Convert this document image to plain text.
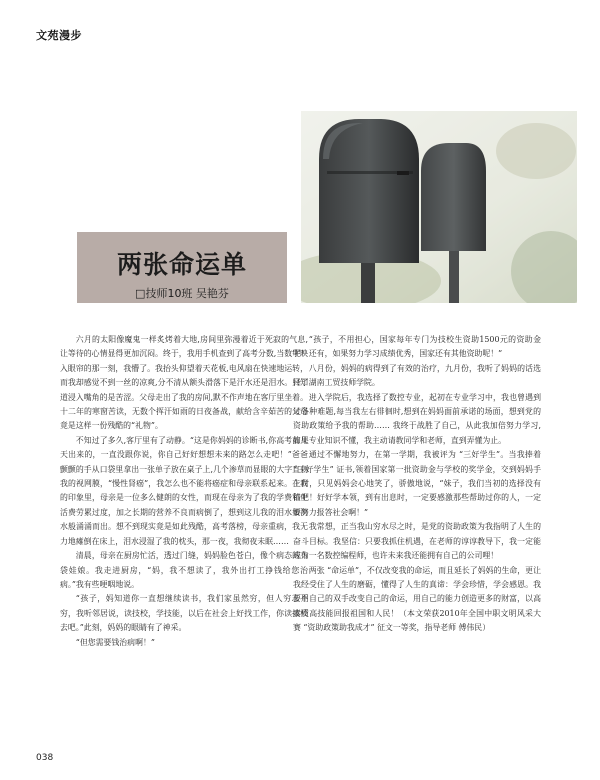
文苑漫步
两张命运单
□技师10班 吴艳芬

六月的太阳像魔鬼一样炙烤着大地,房间里弥漫着近于死寂的气息,让等待的心情显得更加沉闷。终于，我用手机查到了高考分数,当数字映入眼帘的那一刻，我懵了。我抬头仰望着天花板,电风扇在快速地运转，而我却感觉不到一丝的凉爽,分不清从额头滑落下是汗水还是泪水。只知道浸入嘴角的是苦涩。父母走出了我的房间,默不作声地在客厅里坐着。十二年的寒窗苦读，无数个挥汗如雨的日夜备战，献给含辛茹苦的父母竟是这样一份残酷的“礼物”。

不知过了多久,客厅里有了动静。“这是你妈妈的诊断书,你高考前几天出来的，一直没跟你说，你自己好好想想未来的路怎么走吧！”爸爸颤颤的手从口袋里拿出一张单子放在桌子上,几个渗草而显眼的大字直刺我的视网膜，“慢性肾癌”，我怎么也不能将癌症和母亲联系起来。在我的印象里，母亲是一位多么健朗的女性，而现在母亲为了我的学费和生活费劳累过度，加之长期的营养不良而病倒了，想到这儿我的泪水如洪水般涌涌而出。想不到现实竟是如此残酷，高考落榜，母亲重病，我无力地瘫倒在床上，泪水浸湿了我的枕头，那一夜，我彻夜未眠……

清晨，母亲在厨房忙活，透过门缝，妈妈脸色苍白，像个病态的布袋娃娘。我走进厨房，“妈，我不想读了，我外出打工挣钱给您治病。”我有些哽咽地说。

“孩子，妈知道你一直想继续读书，我们家虽然穷，但人穷志不穷，我听邻居说，读技校，学技能，以后在社会上好找工作，你读技校去吧。”此刻，妈妈的眼睛有了神采。

“但您需要钱治病啊！”

“孩子，不用担心，国家每年专门为技校生资助1500元的资助金呢！还有，如果努力学习成绩优秀，国家还有其他资助呢！”

八月份，妈妈的病得到了有效的治疗，九月份，我听了妈妈的话选择了湖南工贸技师学院。

进入学院后，我选择了数控专业，起初在专业学习中，我也曾遇到过各种难题,每当我左右徘徊时,想到在妈妈面前承诺的场面，想到党的资助政策给予我的帮助…… 我终于战胜了自己，从此我加倍努力学习,如果专业知识不懂，我主动请教同学和老师，直到弄懂为止。

通过不懈地努力，在第一学期，我被评为 “三好学生”。当我捧着 “三好学生” 证书,领着国家第一批资助金与学校的奖学金，交到妈妈手上时，只见妈妈会心地笑了，骄傲地说，“妹子，我们当初的选择没有错吧！好好学本领，到有出息时，一定要感激那些帮助过你的人，一定要努力报答社会啊！”

我常想，正当我山穷水尽之时，是党的资助政策为我指明了人生的奋斗目标。我坚信：只要我抓住机遇，在老师的谆谆教导下，我一定能成为一名数控编程师，也许未来我还能拥有自己的公司哩！

两张 “命运单”，不仅改变我的命运，而且延长了妈妈的生命，更让我经受住了人生的磨砺，懂得了人生的真谛：学会珍惜，学会感恩。我要用自己的双手改变自己的命运，用自己的能力创造更多的财富，以高素质高技能回报祖国和人民！（本文荣获2010年全国中职文明风采大赛 “资助政策助我成才” 征文一等奖，指导老师 傅伟民）

038
